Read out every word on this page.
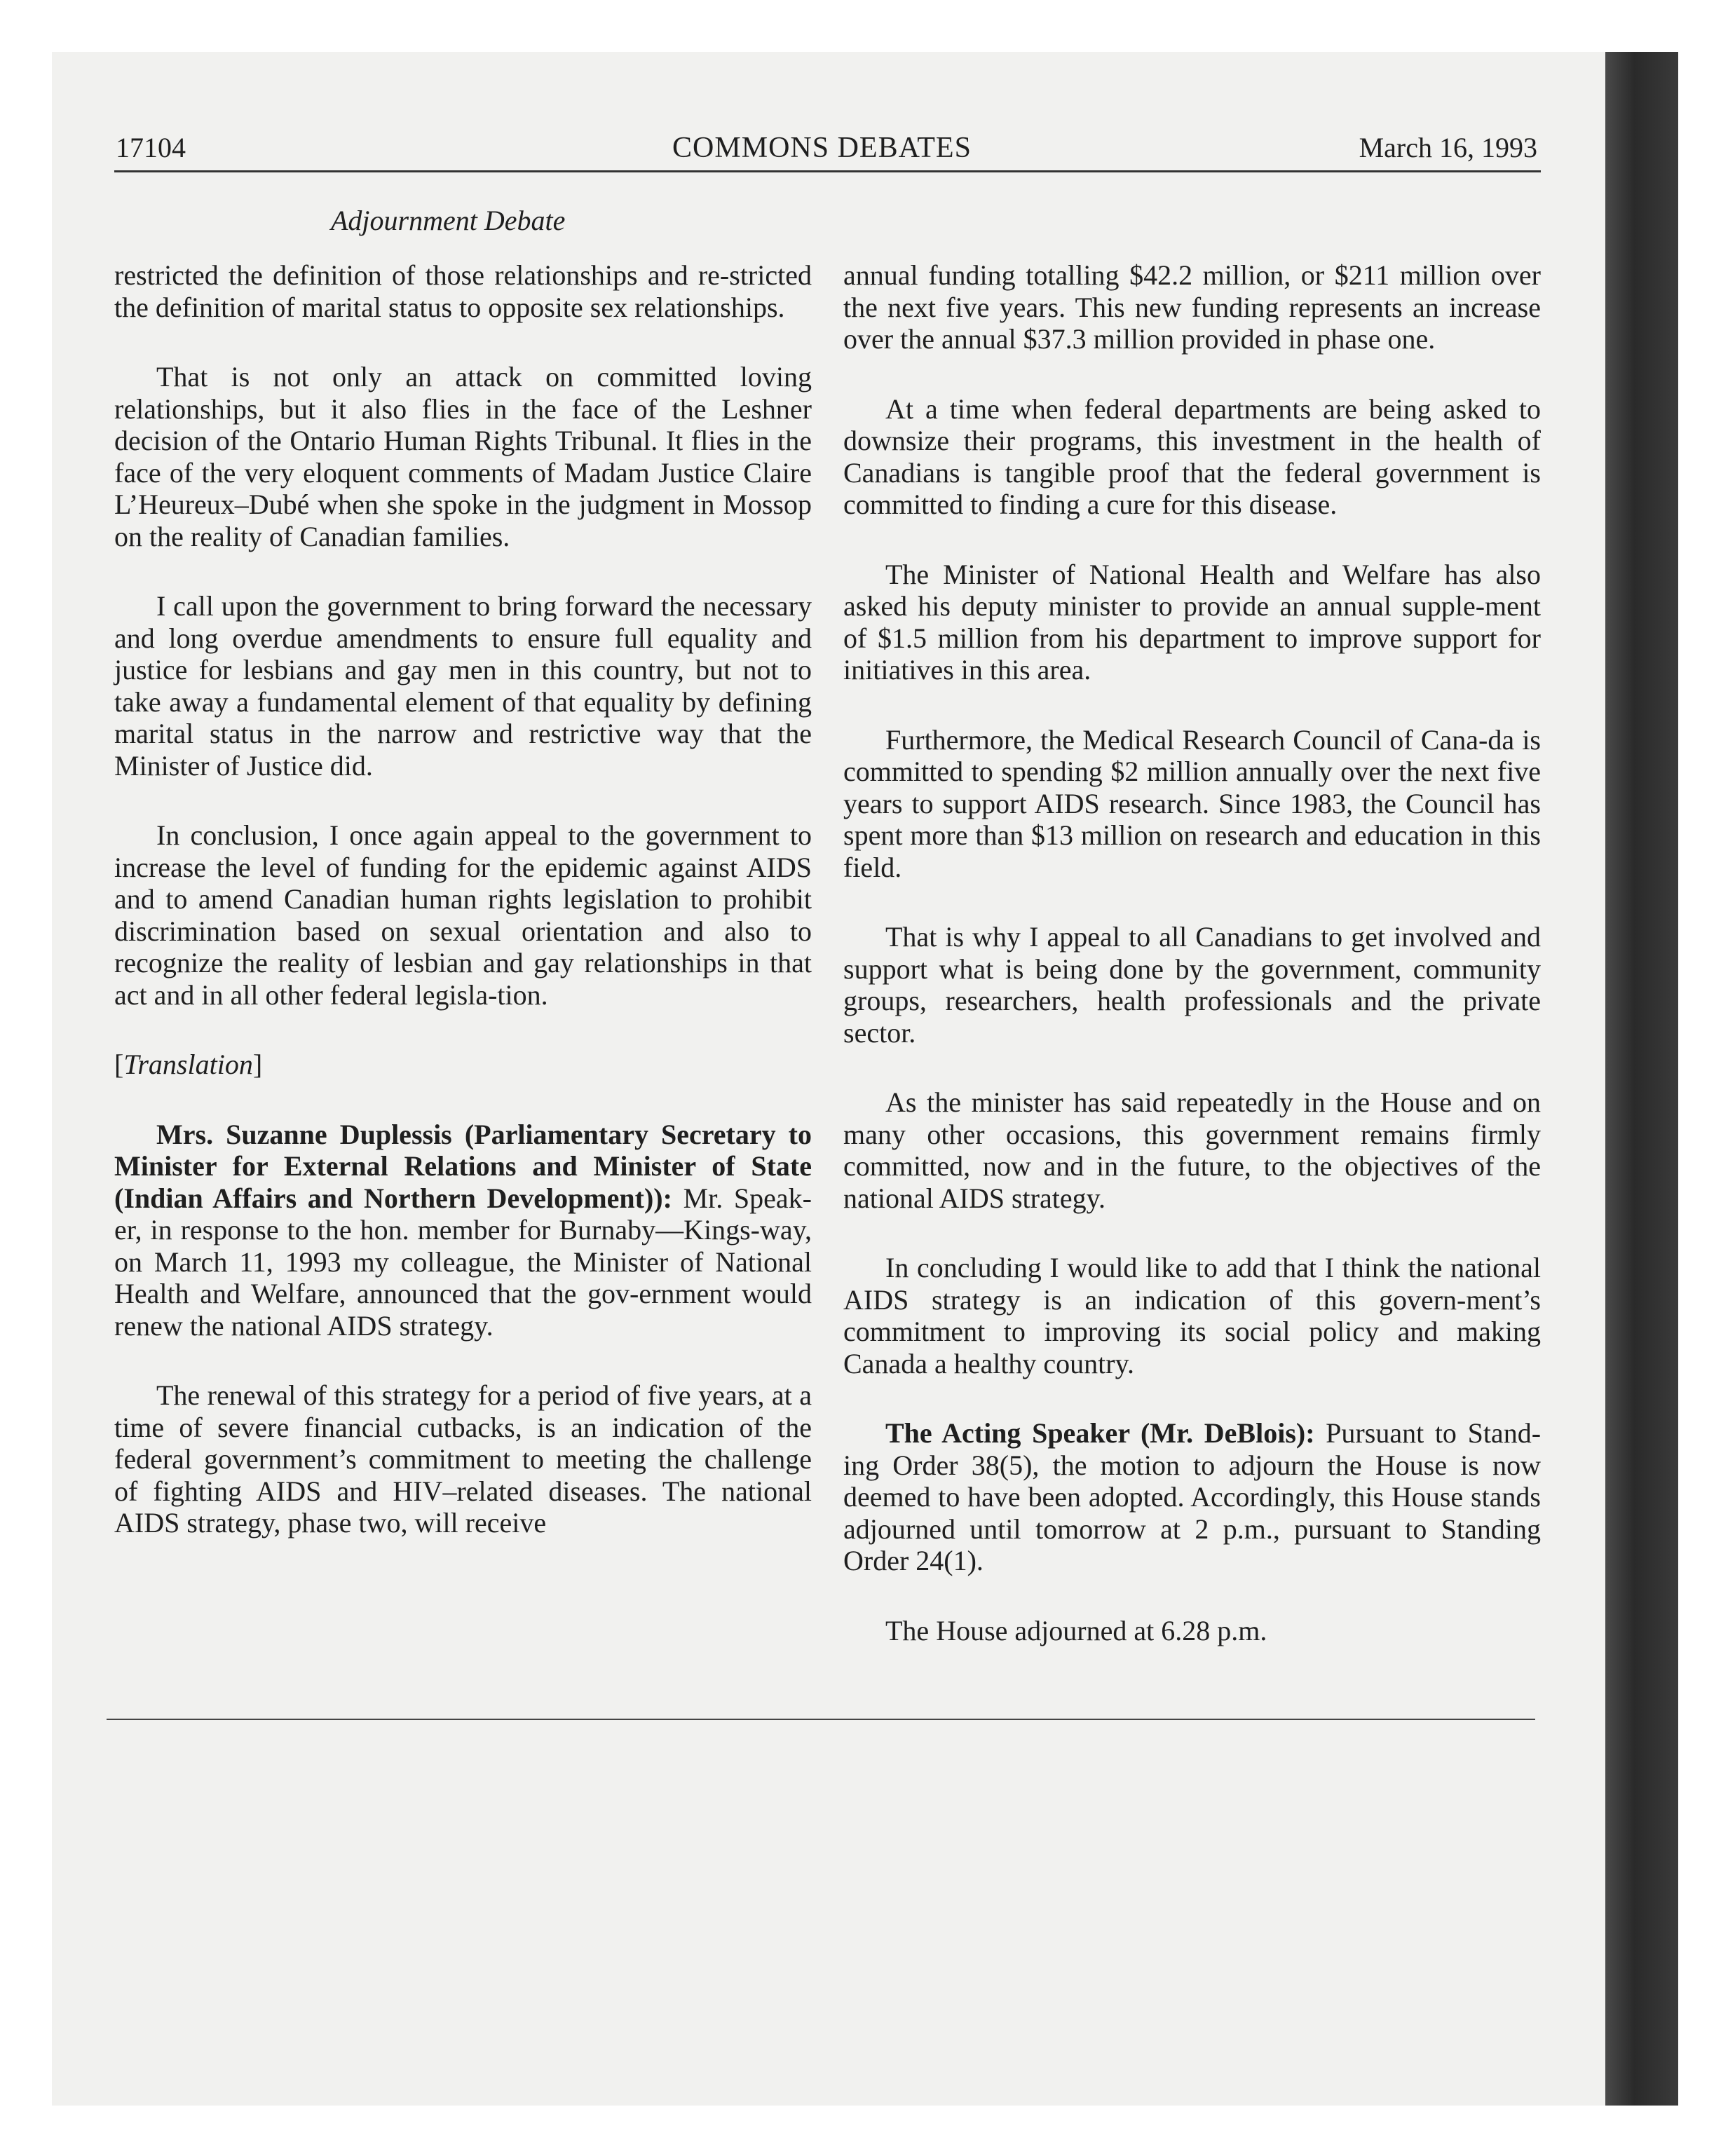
17104	COMMONS DEBATES	March 16, 1993
Adjournment Debate

restricted the definition of those relationships and re-stricted the definition of marital status to opposite sex relationships.

That is not only an attack on committed loving relationships, but it also flies in the face of the Leshner decision of the Ontario Human Rights Tribunal. It flies in the face of the very eloquent comments of Madam Justice Claire L’Heureux–Dubé when she spoke in the judgment in Mossop on the reality of Canadian families.

I call upon the government to bring forward the necessary and long overdue amendments to ensure full equality and justice for lesbians and gay men in this country, but not to take away a fundamental element of that equality by defining marital status in the narrow and restrictive way that the Minister of Justice did.

In conclusion, I once again appeal to the government to increase the level of funding for the epidemic against AIDS and to amend Canadian human rights legislation to prohibit discrimination based on sexual orientation and also to recognize the reality of lesbian and gay relationships in that act and in all other federal legisla-tion.

[Translation]

Mrs. Suzanne Duplessis (Parliamentary Secretary to Minister for External Relations and Minister of State (Indian Affairs and Northern Development)): Mr. Speak-er, in response to the hon. member for Burnaby—Kings-way, on March 11, 1993 my colleague, the Minister of National Health and Welfare, announced that the gov-ernment would renew the national AIDS strategy.

The renewal of this strategy for a period of five years, at a time of severe financial cutbacks, is an indication of the federal government’s commitment to meeting the challenge of fighting AIDS and HIV–related diseases. The national AIDS strategy, phase two, will receive

annual funding totalling $42.2 million, or $211 million over the next five years. This new funding represents an increase over the annual $37.3 million provided in phase one.

At a time when federal departments are being asked to downsize their programs, this investment in the health of Canadians is tangible proof that the federal government is committed to finding a cure for this disease.

The Minister of National Health and Welfare has also asked his deputy minister to provide an annual supple-ment of $1.5 million from his department to improve support for initiatives in this area.

Furthermore, the Medical Research Council of Cana-da is committed to spending $2 million annually over the next five years to support AIDS research. Since 1983, the Council has spent more than $13 million on research and education in this field.

That is why I appeal to all Canadians to get involved and support what is being done by the government, community groups, researchers, health professionals and the private sector.

As the minister has said repeatedly in the House and on many other occasions, this government remains firmly committed, now and in the future, to the objectives of the national AIDS strategy.

In concluding I would like to add that I think the national AIDS strategy is an indication of this govern-ment’s commitment to improving its social policy and making Canada a healthy country.

The Acting Speaker (Mr. DeBlois): Pursuant to Stand-ing Order 38(5), the motion to adjourn the House is now deemed to have been adopted. Accordingly, this House stands adjourned until tomorrow at 2 p.m., pursuant to Standing Order 24(1).

The House adjourned at 6.28 p.m.
